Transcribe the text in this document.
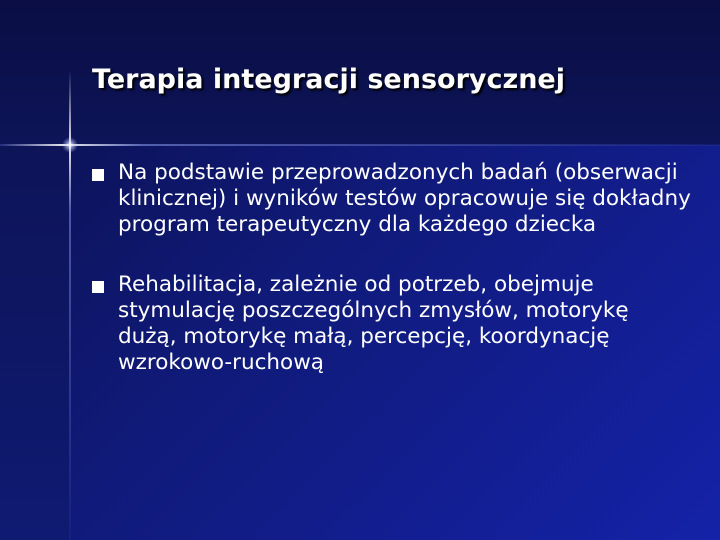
Terapia integracji sensorycznej
Na podstawie przeprowadzonych badań (obserwacji klinicznej) i wyników testów opracowuje się dokładny program terapeutyczny dla każdego dziecka
Rehabilitacja, zależnie od potrzeb, obejmuje stymulację poszczególnych zmysłów, motorykę dużą, motorykę małą, percepcję, koordynację wzrokowo-ruchową
